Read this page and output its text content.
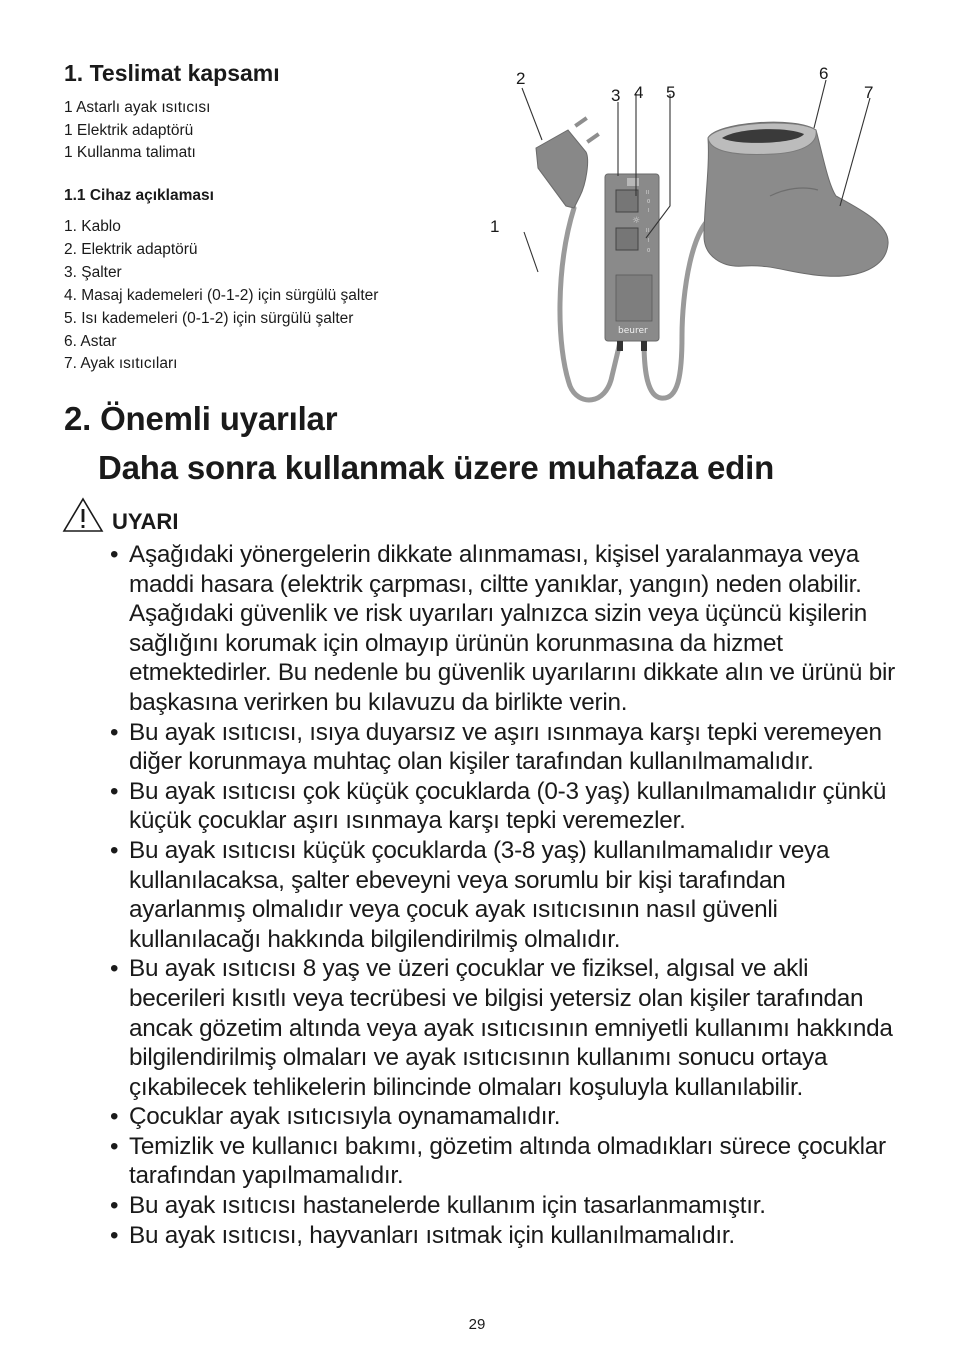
1. Teslimat kapsamı
1 Astarlı ayak ısıtıcısı
1 Elektrik adaptörü
1 Kullanma talimatı
1.1 Cihaz açıklaması
1. Kablo
2. Elektrik adaptörü
3. Şalter
4. Masaj kademeleri (0-1-2) için sürgülü şalter
5. Isı kademeleri (0-1-2) için sürgülü şalter
6. Astar
7. Ayak ısıtıcıları
☼
II
0
I
II
I
0
beurer
1
2
3 4 5
6
7
2. Önemli uyarılar
Daha sonra kullanmak üzere muhafaza edin
UYARI
• Aşağıdaki yönergelerin dikkate alınmaması, kişisel yaralanmaya veya maddi hasara (elektrik çarpması, ciltte yanıklar, yangın) neden olabilir. Aşağıdaki güvenlik ve risk uyarıları yalnızca sizin veya üçüncü kişilerin sağlığını korumak için olmayıp ürünün korunmasına da hizmet etmektedirler. Bu nedenle bu güvenlik uyarılarını dikkate alın ve ürünü bir başkasına verirken bu kılavuzu da birlikte verin.
• Bu ayak ısıtıcısı, ısıya duyarsız ve aşırı ısınmaya karşı tepki veremeyen diğer korunmaya muhtaç olan kişiler tarafından kullanılmamalıdır.
• Bu ayak ısıtıcısı çok küçük çocuklarda (0-3 yaş) kullanılmamalıdır çünkü küçük çocuklar aşırı ısınmaya karşı tepki veremezler.
• Bu ayak ısıtıcısı küçük çocuklarda (3-8 yaş) kullanılmamalıdır veya kullanılacaksa, şalter ebeveyni veya sorumlu bir kişi tarafından ayarlanmış olmalıdır veya çocuk ayak ısıtıcısının nasıl güvenli kullanılacağı hakkında bilgilendirilmiş olmalıdır.
• Bu ayak ısıtıcısı 8 yaş ve üzeri çocuklar ve fiziksel, algısal ve akli becerileri kısıtlı veya tecrübesi ve bilgisi yetersiz olan kişiler tarafından ancak gözetim altında veya ayak ısıtıcısının emniyetli kullanımı hakkında bilgilendirilmiş olmaları ve ayak ısıtıcısının kullanımı sonucu ortaya çıkabilecek tehlikelerin bilincinde olmaları koşuluyla kullanılabilir.
• Çocuklar ayak ısıtıcısıyla oynamamalıdır.
• Temizlik ve kullanıcı bakımı, gözetim altında olmadıkları sürece çocuklar tarafından yapılmamalıdır.
• Bu ayak ısıtıcısı hastanelerde kullanım için tasarlanmamıştır.
• Bu ayak ısıtıcısı, hayvanları ısıtmak için kullanılmamalıdır.
29
